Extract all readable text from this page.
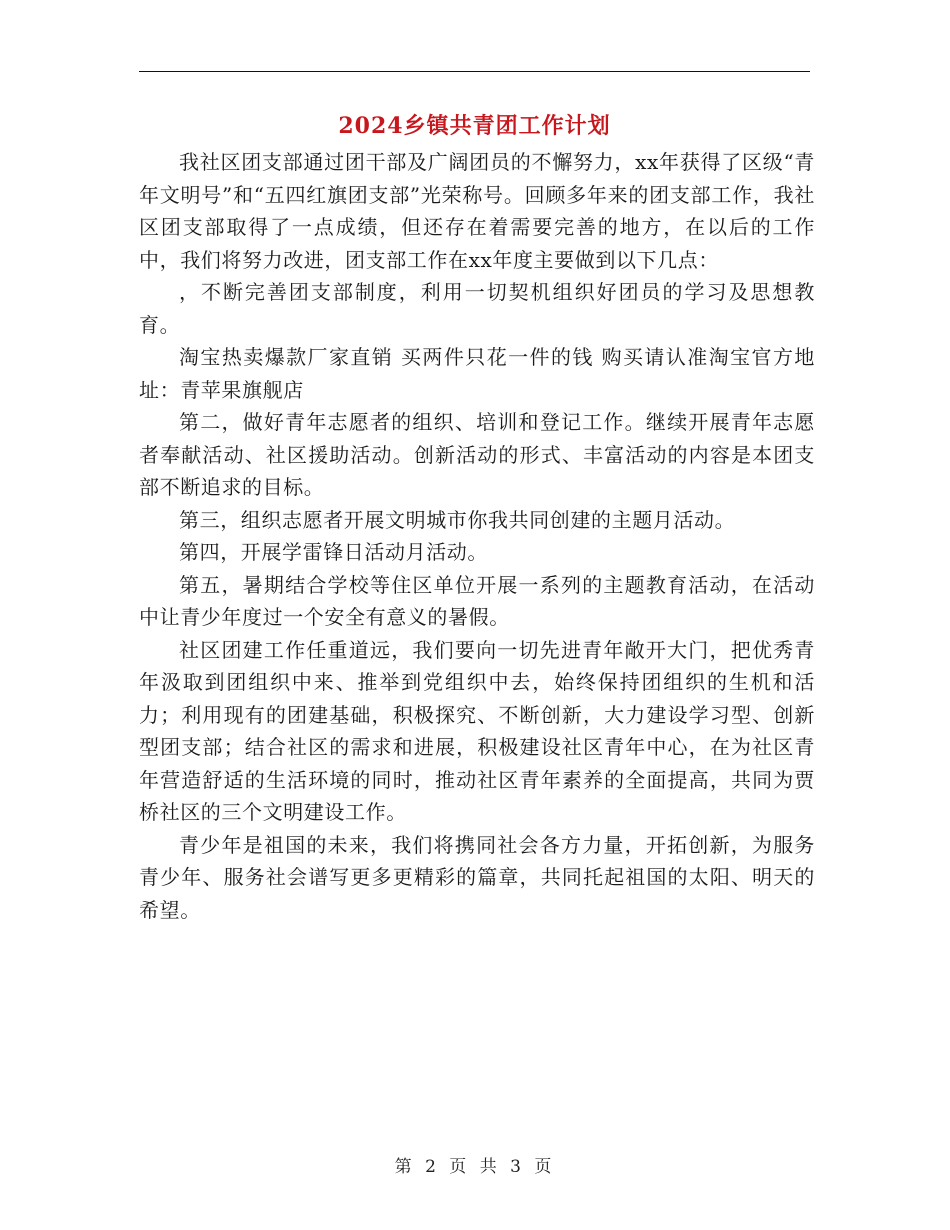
2024乡镇共青团工作计划

我社区团支部通过团干部及广阔团员的不懈努力，xx年获得了区级“青年文明号”和“五四红旗团支部”光荣称号。回顾多年来的团支部工作，我社区团支部取得了一点成绩，但还存在着需要完善的地方，在以后的工作中，我们将努力改进，团支部工作在xx年度主要做到以下几点：

，不断完善团支部制度，利用一切契机组织好团员的学习及思想教育。

淘宝热卖爆款厂家直销 买两件只花一件的钱 购买请认准淘宝官方地址：青苹果旗舰店

第二，做好青年志愿者的组织、培训和登记工作。继续开展青年志愿者奉献活动、社区援助活动。创新活动的形式、丰富活动的内容是本团支部不断追求的目标。

第三，组织志愿者开展文明城市你我共同创建的主题月活动。

第四，开展学雷锋日活动月活动。

第五，暑期结合学校等住区单位开展一系列的主题教育活动，在活动中让青少年度过一个安全有意义的暑假。

社区团建工作任重道远，我们要向一切先进青年敞开大门，把优秀青年汲取到团组织中来、推举到党组织中去，始终保持团组织的生机和活力；利用现有的团建基础，积极探究、不断创新，大力建设学习型、创新型团支部；结合社区的需求和进展，积极建设社区青年中心，在为社区青年营造舒适的生活环境的同时，推动社区青年素养的全面提高，共同为贾桥社区的三个文明建设工作。

青少年是祖国的未来，我们将携同社会各方力量，开拓创新，为服务青少年、服务社会谱写更多更精彩的篇章，共同托起祖国的太阳、明天的希望。

第 2 页 共 3 页
